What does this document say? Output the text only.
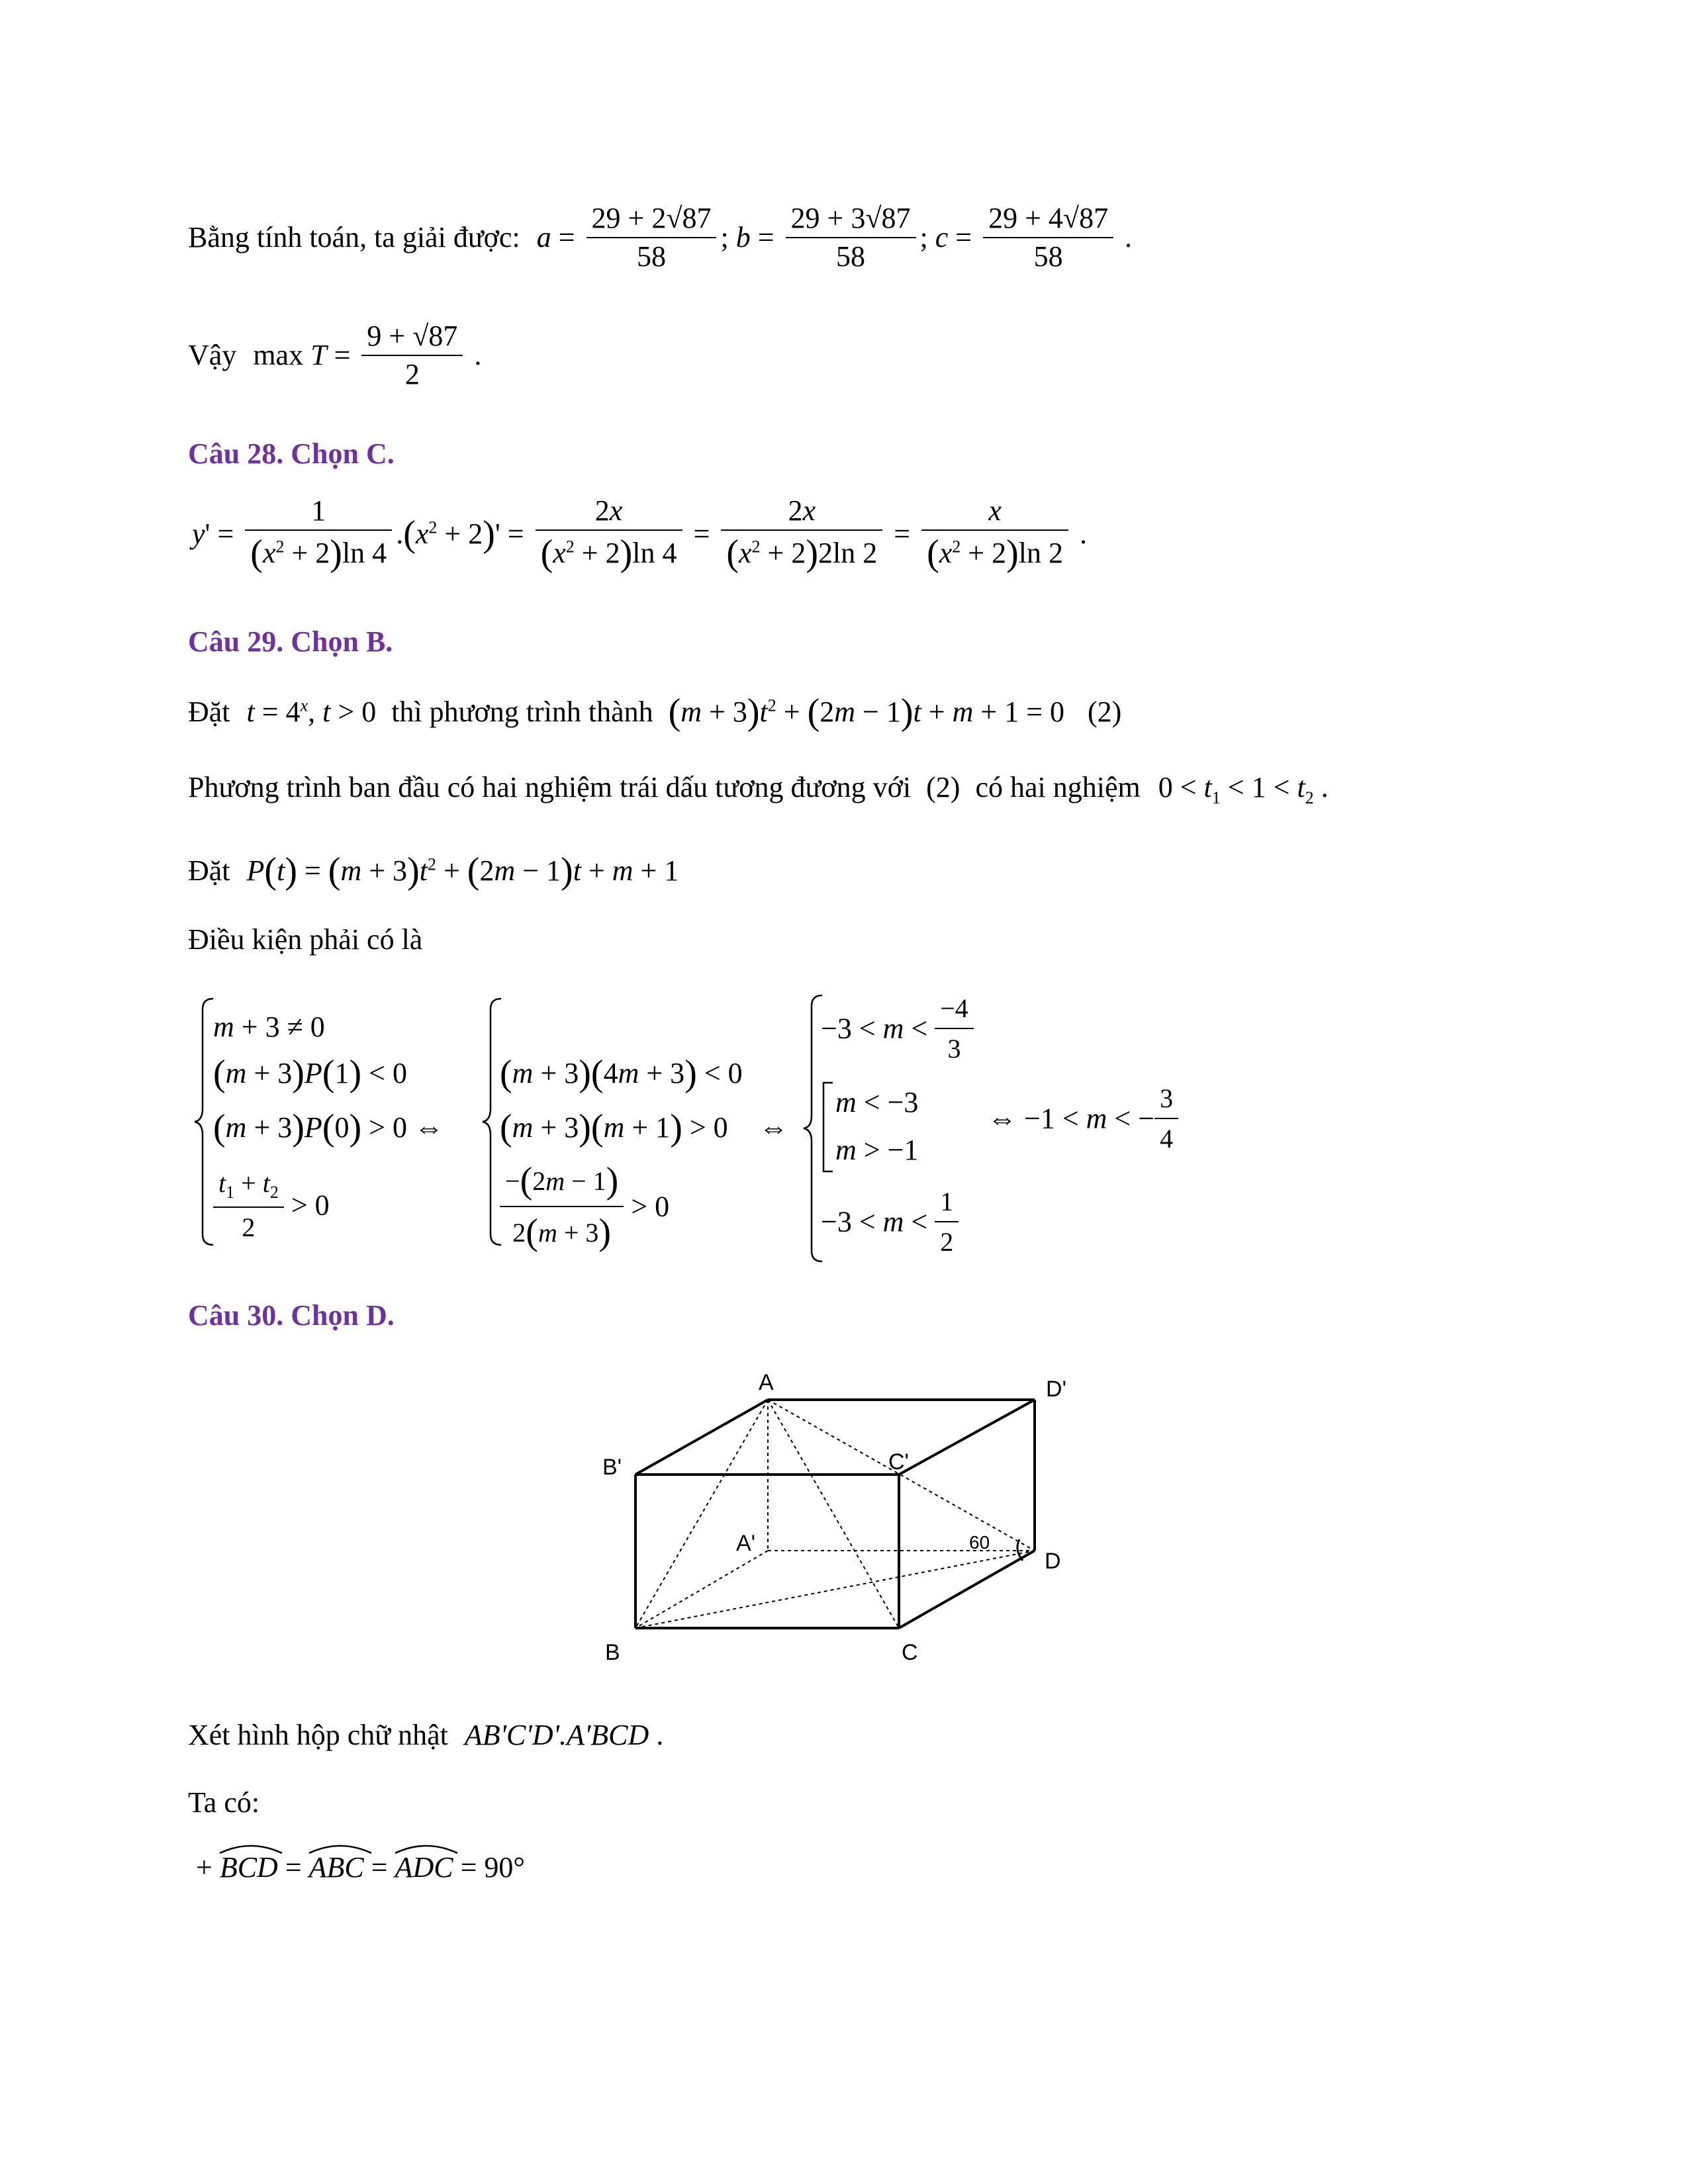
Bằng tính toán, ta giải được: $a = \frac{29 + 2√87}{58}$ ; $b = \frac{29 + 3√87}{58}$ ; $c = \frac{29 + 4√87}{58}$ .
Vậy $\max T = \frac{9 + √87}{2}$ .
Câu 28. Chọn C.
$y' = \frac{1}{(x^2 + 2)\ln 4} .(x^2 + 2)' = \frac{2x}{(x^2 + 2)\ln 4} = \frac{2x}{(x^2 + 2)2\ln 2} = \frac{x}{(x^2 + 2)\ln 2}$ .
Câu 29. Chọn B.
Đặt $t = 4^x$, t > 0 thì phương trình thành $(m + 3)t^2 + (2m - 1)t + m + 1 = 0$ (2)
Phương trình ban đầu có hai nghiệm trái dấu tương đương với (2) có hai nghiệm $0 < t_1 < 1 < t_2$ .
Đặt $P(t) = (m + 3)t^2 + (2m - 1)t + m + 1$
Điều kiện phải có là
m + 3 ≠ 0
(m + 3)P(1) < 0
(m + 3)P(0) > 0 ⇔
$\frac{t_1 + t_2}{2} > 0$
(m + 3)(4m + 3) < 0
(m + 3)(m + 1) > 0 ⇔
$\frac{-(2m - 1)}{2(m + 3)} > 0$
$-3 < m < \frac{-4}{3}$
m < −3
m > −1
$-3 < m < \frac{1}{2}$
⇔ −1 < m < − $\frac{3}{4}$
Câu 30. Chọn D.
A	D'
B'	C'
A'
D
B	C
60
Xét hình hộp chữ nhật AB'C'D'.A'BCD .
Ta có:
+ BCD
= ABC
= ADC
= 90°
